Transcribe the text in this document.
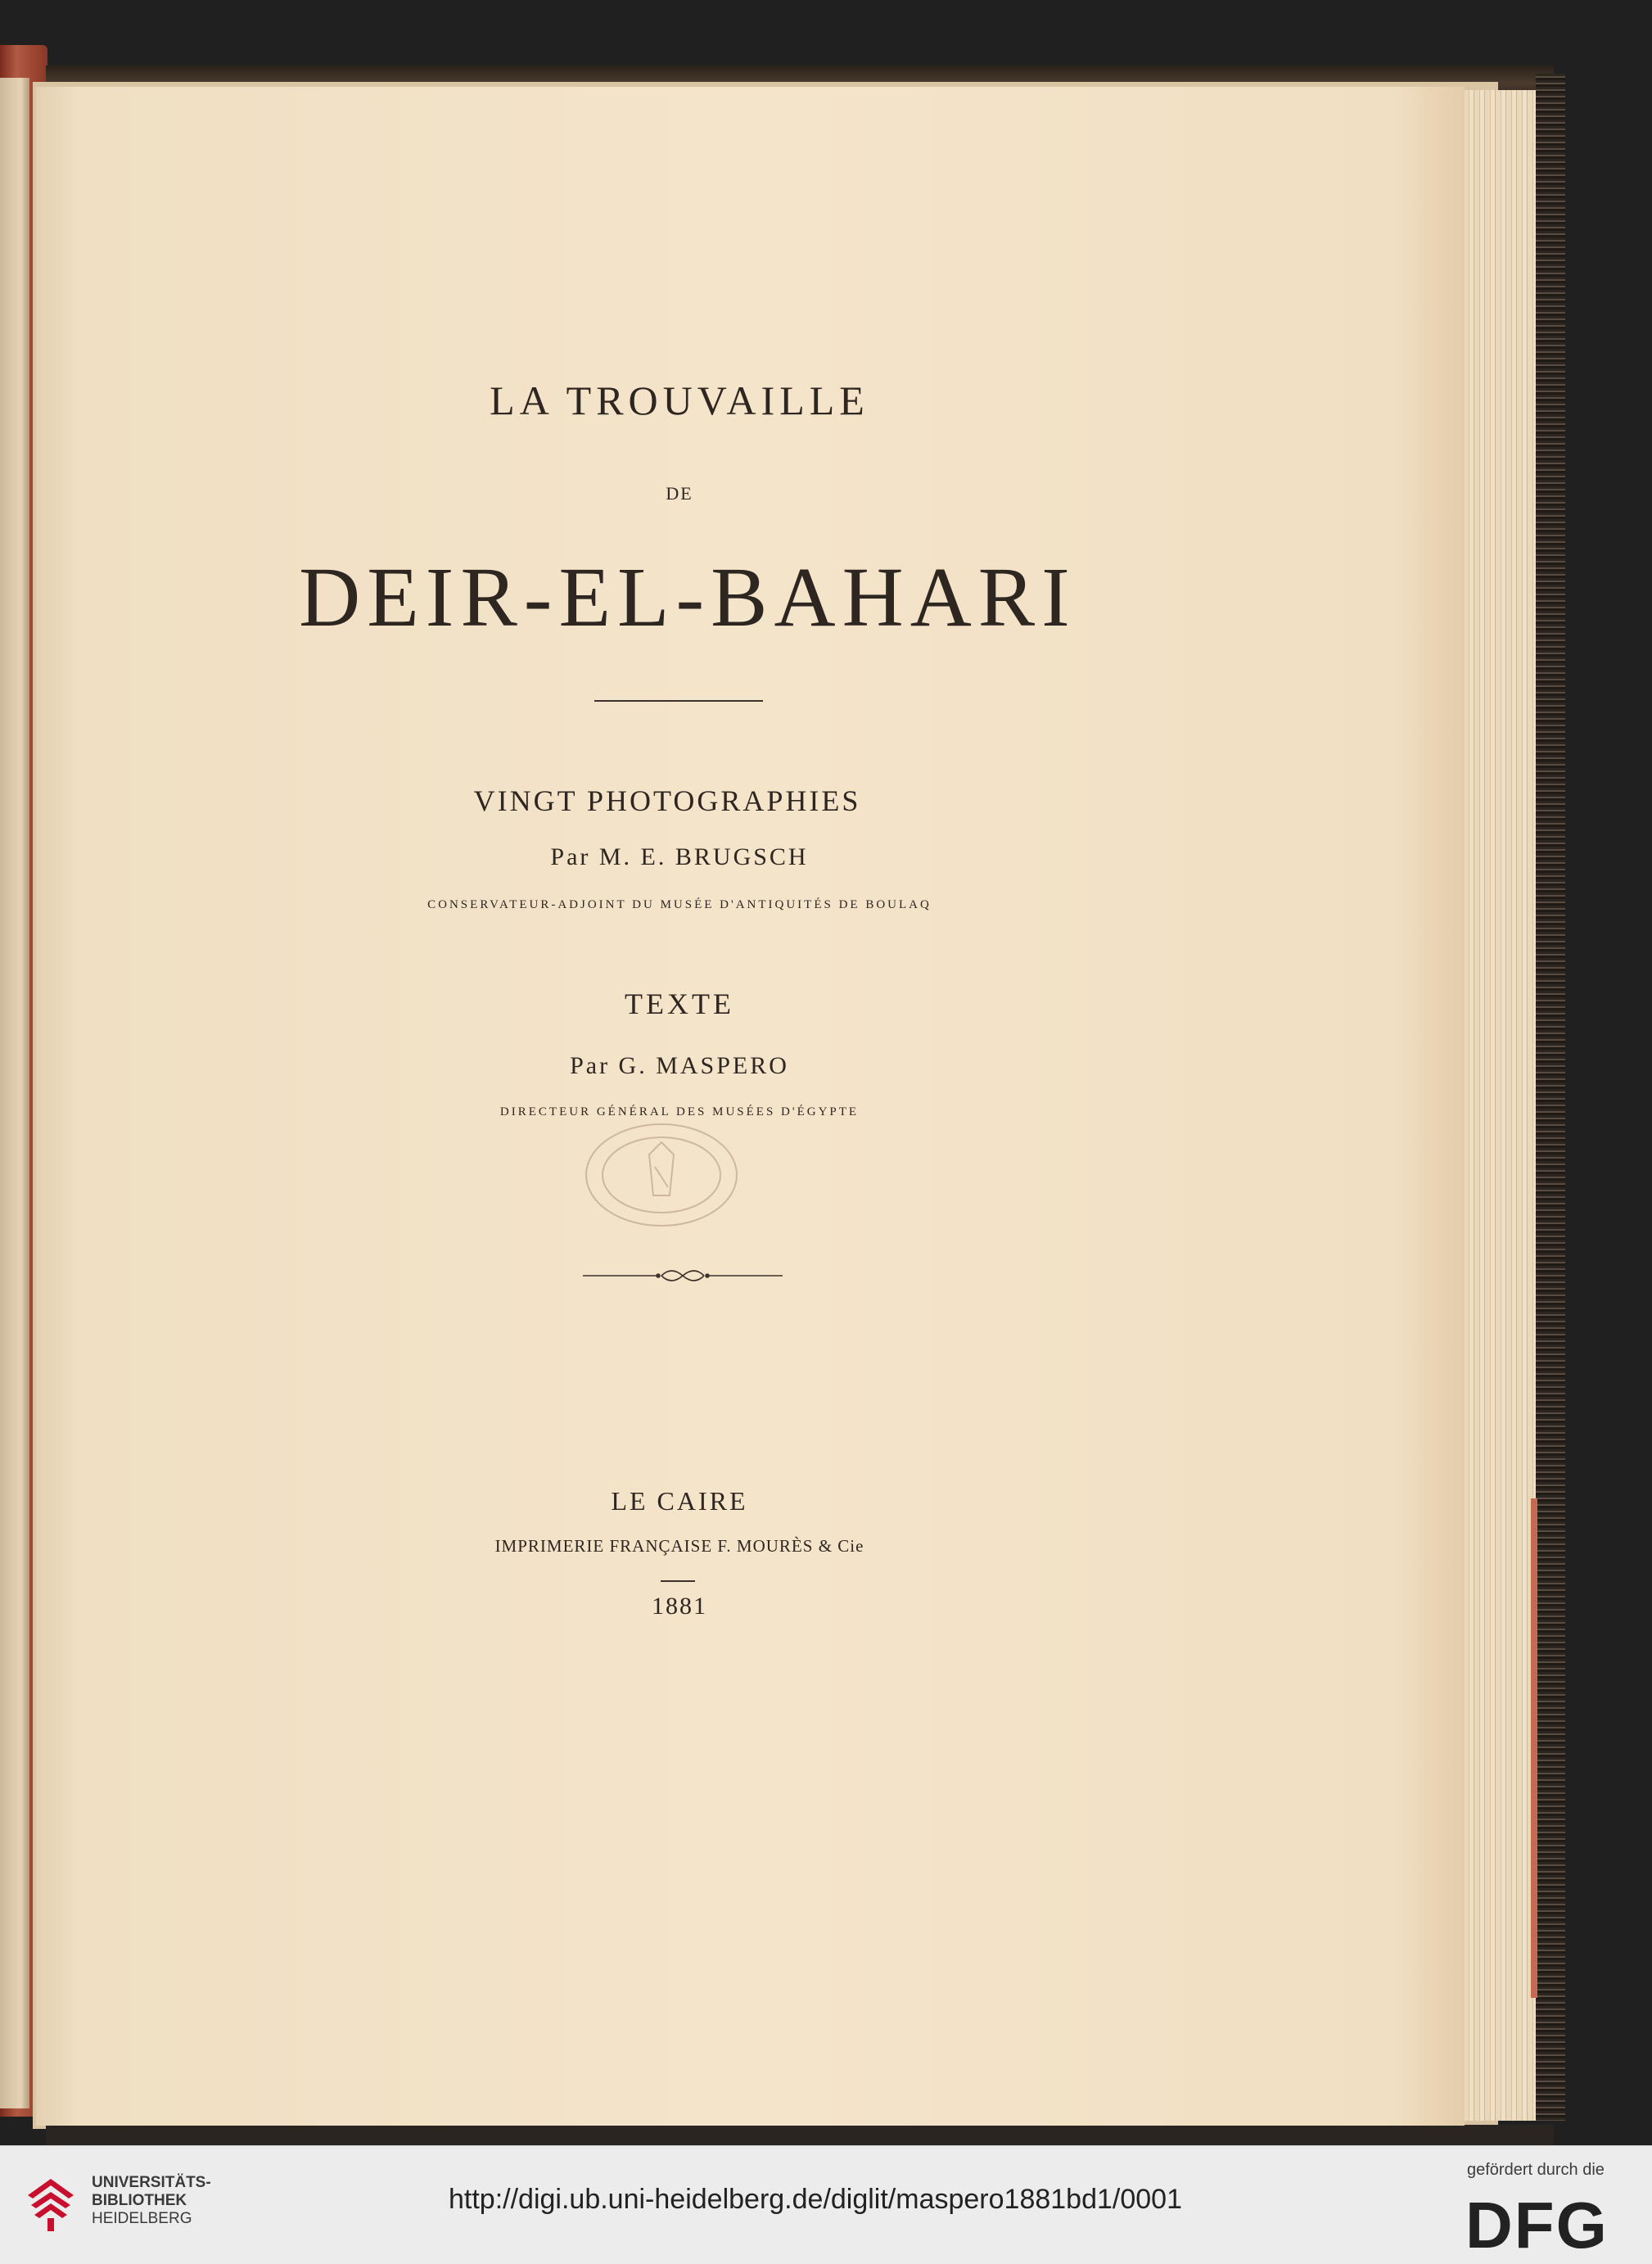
LA TROUVAILLE
DE
DEIR-EL-BAHARI
VINGT PHOTOGRAPHIES
Par M. E. BRUGSCH
CONSERVATEUR-ADJOINT DU MUSÉE D'ANTIQUITÉS DE BOULAQ
TEXTE
Par G. MASPERO
DIRECTEUR GÉNÉRAL DES MUSÉES D'ÉGYPTE
LE CAIRE
IMPRIMERIE FRANÇAISE F. MOURÈS & Cie
1881
UNIVERSITÄTS-
BIBLIOTHEK
HEIDELBERG
http://digi.ub.uni-heidelberg.de/diglit/maspero1881bd1/0001
gefördert durch die
DFG
